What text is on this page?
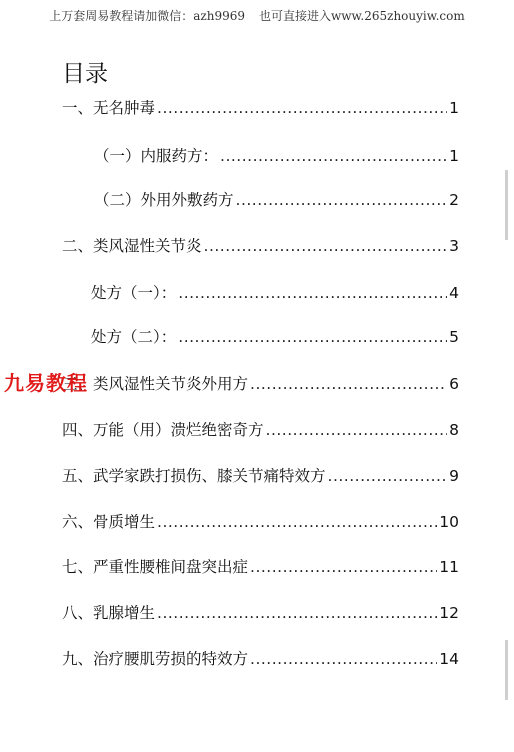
上万套周易教程请加微信：azh9969 也可直接进入www.265zhouyiw.com
目录
一、无名肿毒 .....	1
（一）内服药方： .....	1
（二）外用外敷药方 .....	2
二、类风湿性关节炎 .....	3
处方（一）： .....	4
处方（二）： .....	5
三、类风湿性关节炎外用方 .....	6
四、万能（用）溃烂绝密奇方 .....	8
五、武学家跌打损伤、膝关节痛特效方 .....	9
六、骨质增生 .....	10
七、严重性腰椎间盘突出症 .....	11
八、乳腺增生 .....	12
九、治疗腰肌劳损的特效方 .....	14
九易教程
